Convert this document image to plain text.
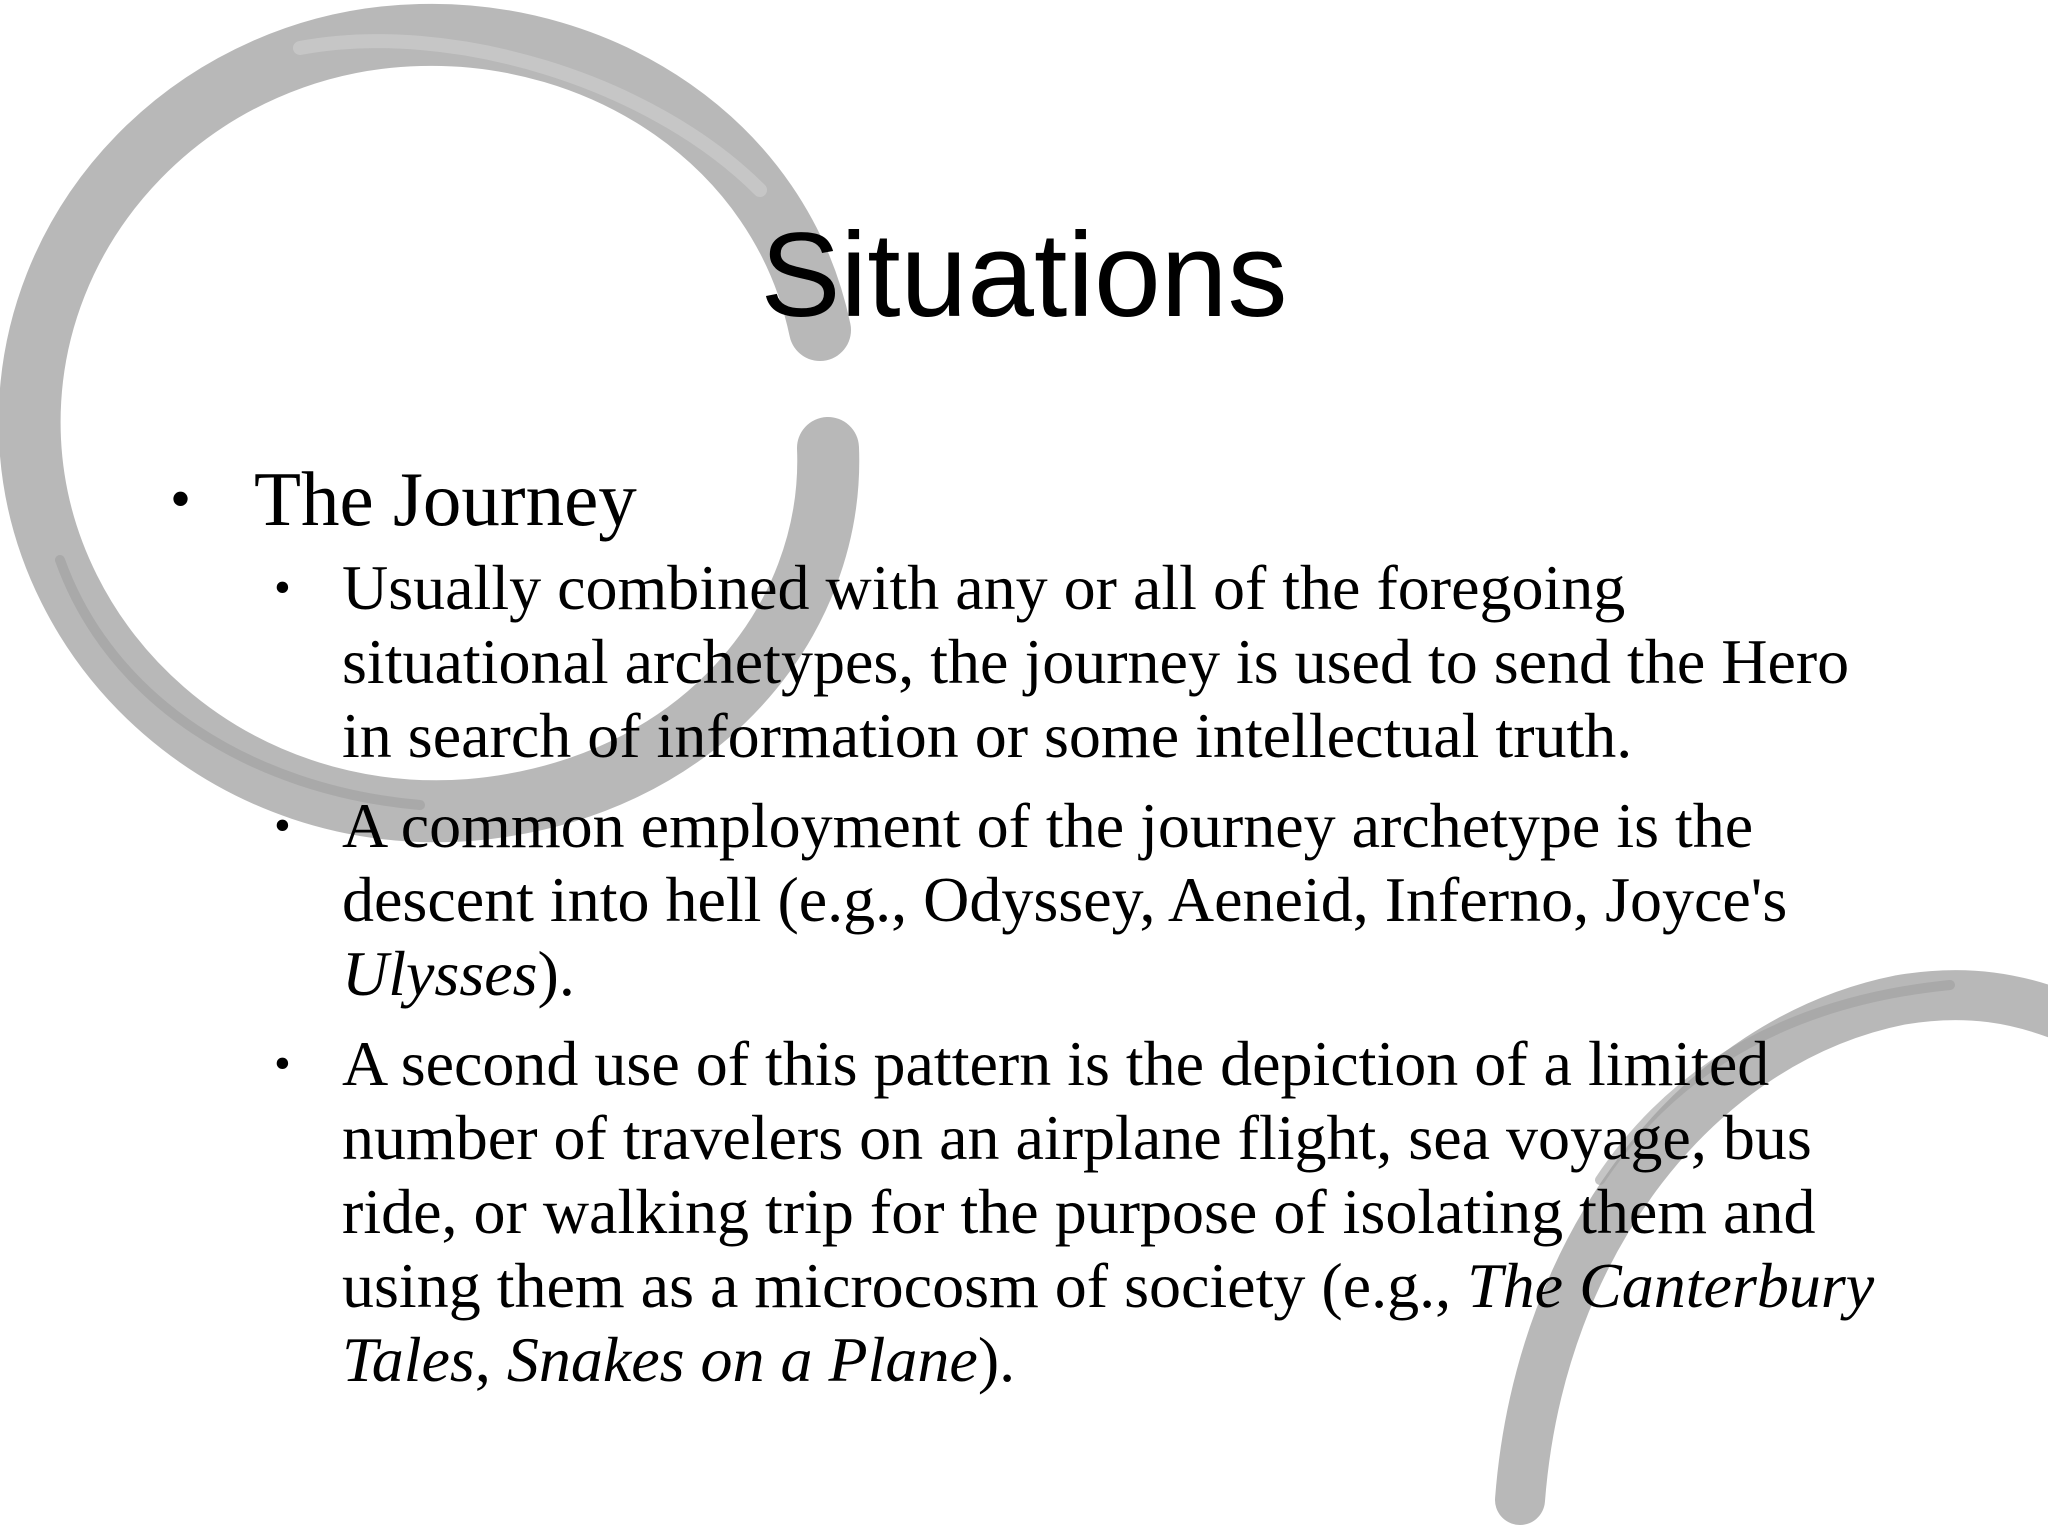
Situations
• The Journey
• Usually combined with any or all of the foregoing situational archetypes, the journey is used to send the Hero in search of information or some intellectual truth.
• A common employment of the journey archetype is the descent into hell (e.g., Odyssey, Aeneid, Inferno, Joyce's Ulysses).
• A second use of this pattern is the depiction of a limited number of travelers on an airplane flight, sea voyage, bus ride, or walking trip for the purpose of isolating them and using them as a microcosm of society (e.g., The Canterbury Tales, Snakes on a Plane).
